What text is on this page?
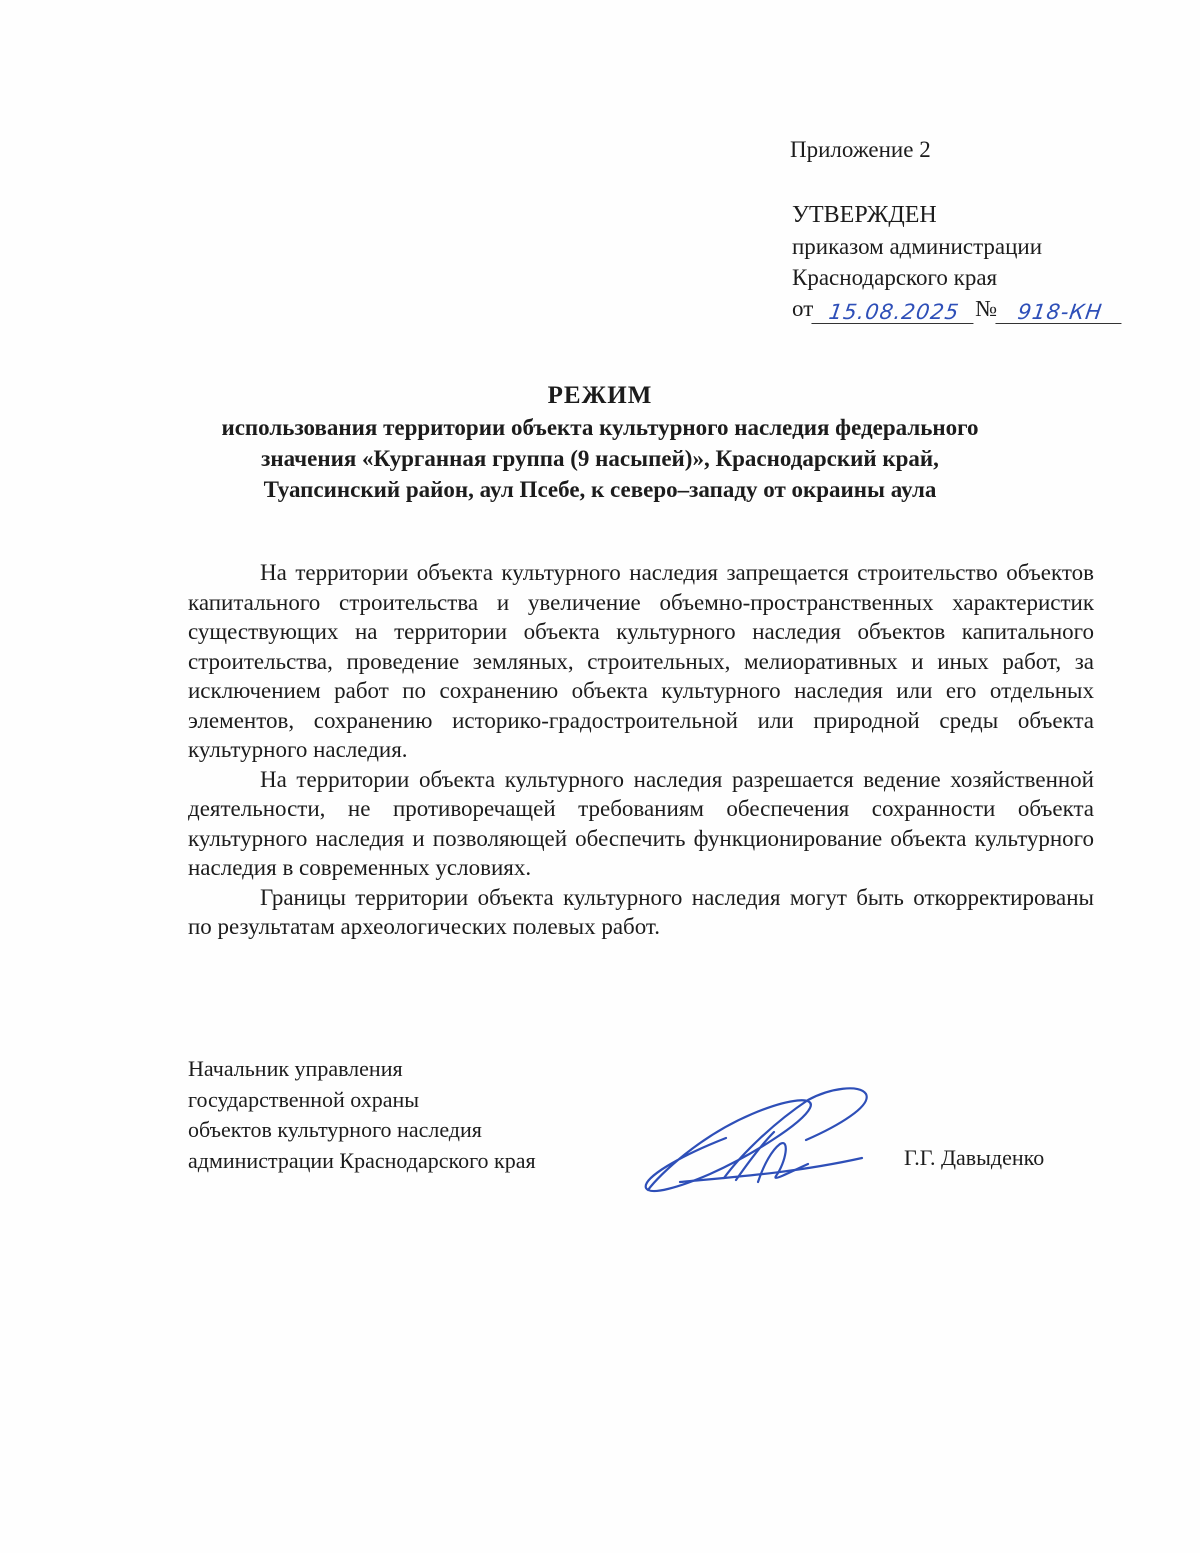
Приложение 2
УТВЕРЖДЕН
приказом администрации
Краснодарского края
от 15.08.2025 № 918-КН
РЕЖИМ
использования территории объекта культурного наследия федерального
значения «Курганная группа (9 насыпей)», Краснодарский край,
Туапсинский район, аул Псебе, к северо–западу от окраины аула

На территории объекта культурного наследия запрещается строительство объектов капитального строительства и увеличение объемно-пространственных характеристик существующих на территории объекта культурного наследия объектов капитального строительства, проведение земляных, строительных, мелиоративных и иных работ, за исключением работ по сохранению объекта культурного наследия или его отдельных элементов, сохранению историко-градостроительной или природной среды объекта культурного наследия.

На территории объекта культурного наследия разрешается ведение хозяйственной деятельности, не противоречащей требованиям обеспечения сохранности объекта культурного наследия и позволяющей обеспечить функционирование объекта культурного наследия в современных условиях.

Границы территории объекта культурного наследия могут быть откорректированы по результатам археологических полевых работ.

Начальник управления
государственной охраны
объектов культурного наследия
администрации Краснодарского края	Г.Г. Давыденко
